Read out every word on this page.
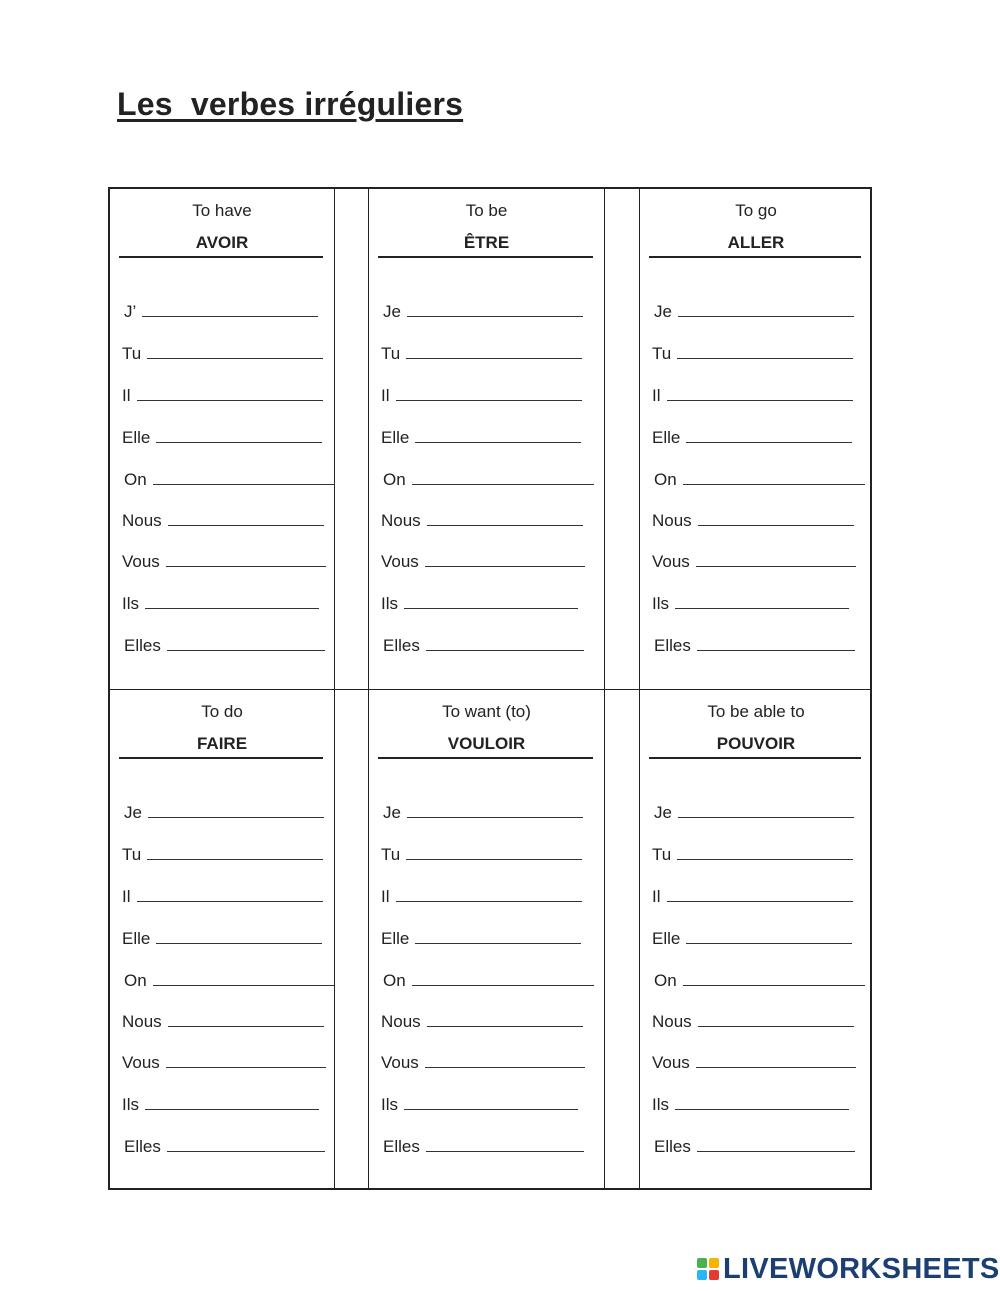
Les  verbes irréguliers
To have
AVOIR
J’
Tu
Il
Elle
On
Nous
Vous
Ils
Elles
To be
ÊTRE
Je
Tu
Il
Elle
On
Nous
Vous
Ils
Elles
To go
ALLER
Je
Tu
Il
Elle
On
Nous
Vous
Ils
Elles
To do
FAIRE
Je
Tu
Il
Elle
On
Nous
Vous
Ils
Elles
To want (to)
VOULOIR
Je
Tu
Il
Elle
On
Nous
Vous
Ils
Elles
To be able to
POUVOIR
Je
Tu
Il
Elle
On
Nous
Vous
Ils
Elles
LIVEWORKSHEETS
